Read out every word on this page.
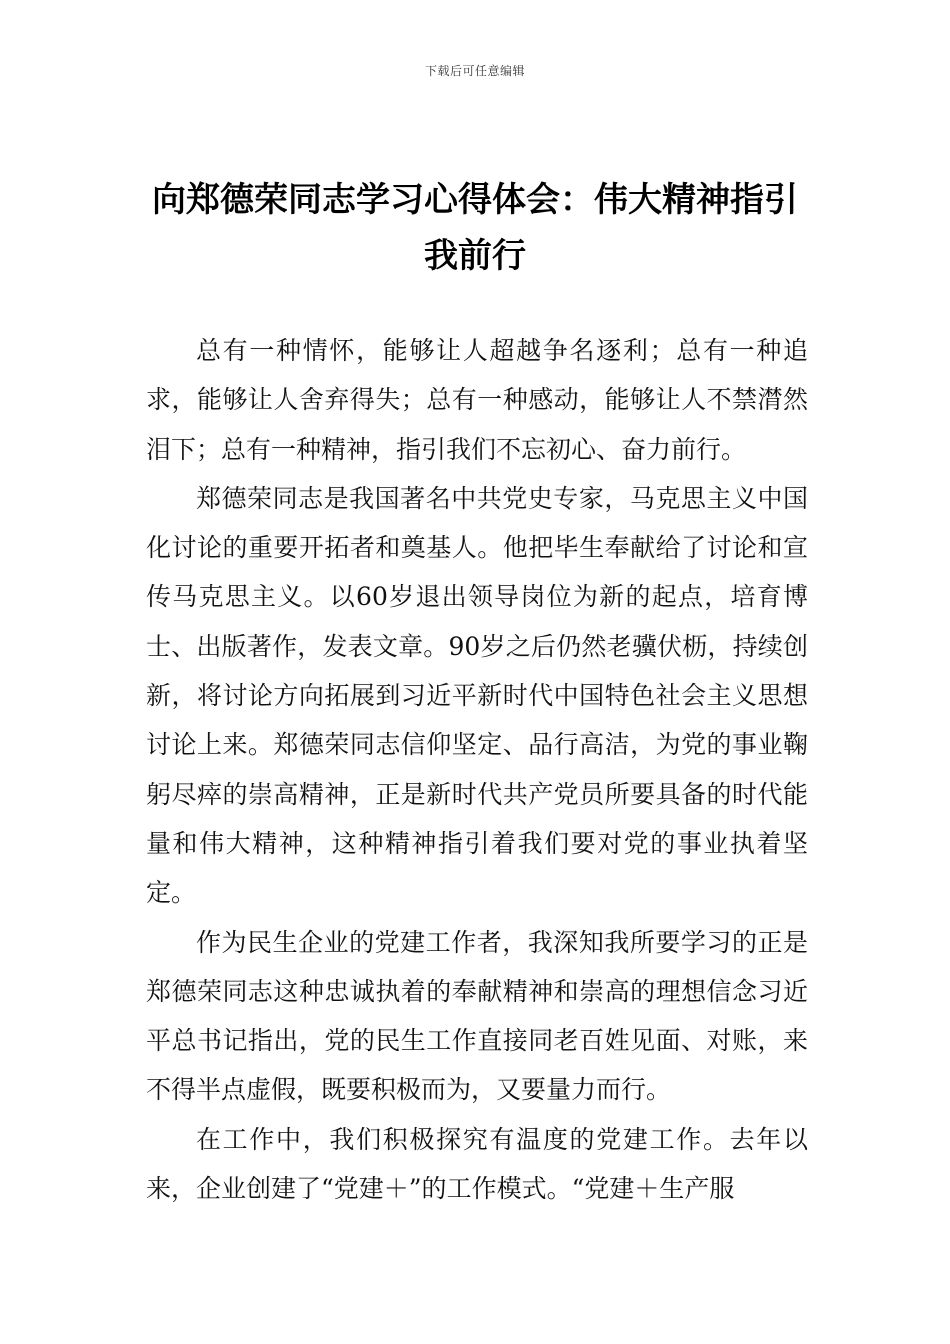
下载后可任意编辑
向郑德荣同志学习心得体会：伟大精神指引我前行

总有一种情怀，能够让人超越争名逐利；总有一种追求，能够让人舍弃得失；总有一种感动，能够让人不禁潸然泪下；总有一种精神，指引我们不忘初心、奋力前行。

郑德荣同志是我国著名中共党史专家，马克思主义中国化讨论的重要开拓者和奠基人。他把毕生奉献给了讨论和宣传马克思主义。以60岁退出领导岗位为新的起点，培育博士、出版著作，发表文章。90岁之后仍然老骥伏枥，持续创新，将讨论方向拓展到习近平新时代中国特色社会主义思想讨论上来。郑德荣同志信仰坚定、品行高洁，为党的事业鞠躬尽瘁的崇高精神，正是新时代共产党员所要具备的时代能量和伟大精神，这种精神指引着我们要对党的事业执着坚定。

作为民生企业的党建工作者，我深知我所要学习的正是郑德荣同志这种忠诚执着的奉献精神和崇高的理想信念习近平总书记指出，党的民生工作直接同老百姓见面、对账，来不得半点虚假，既要积极而为，又要量力而行。

在工作中，我们积极探究有温度的党建工作。去年以来，企业创建了“党建＋”的工作模式。“党建＋生产服
